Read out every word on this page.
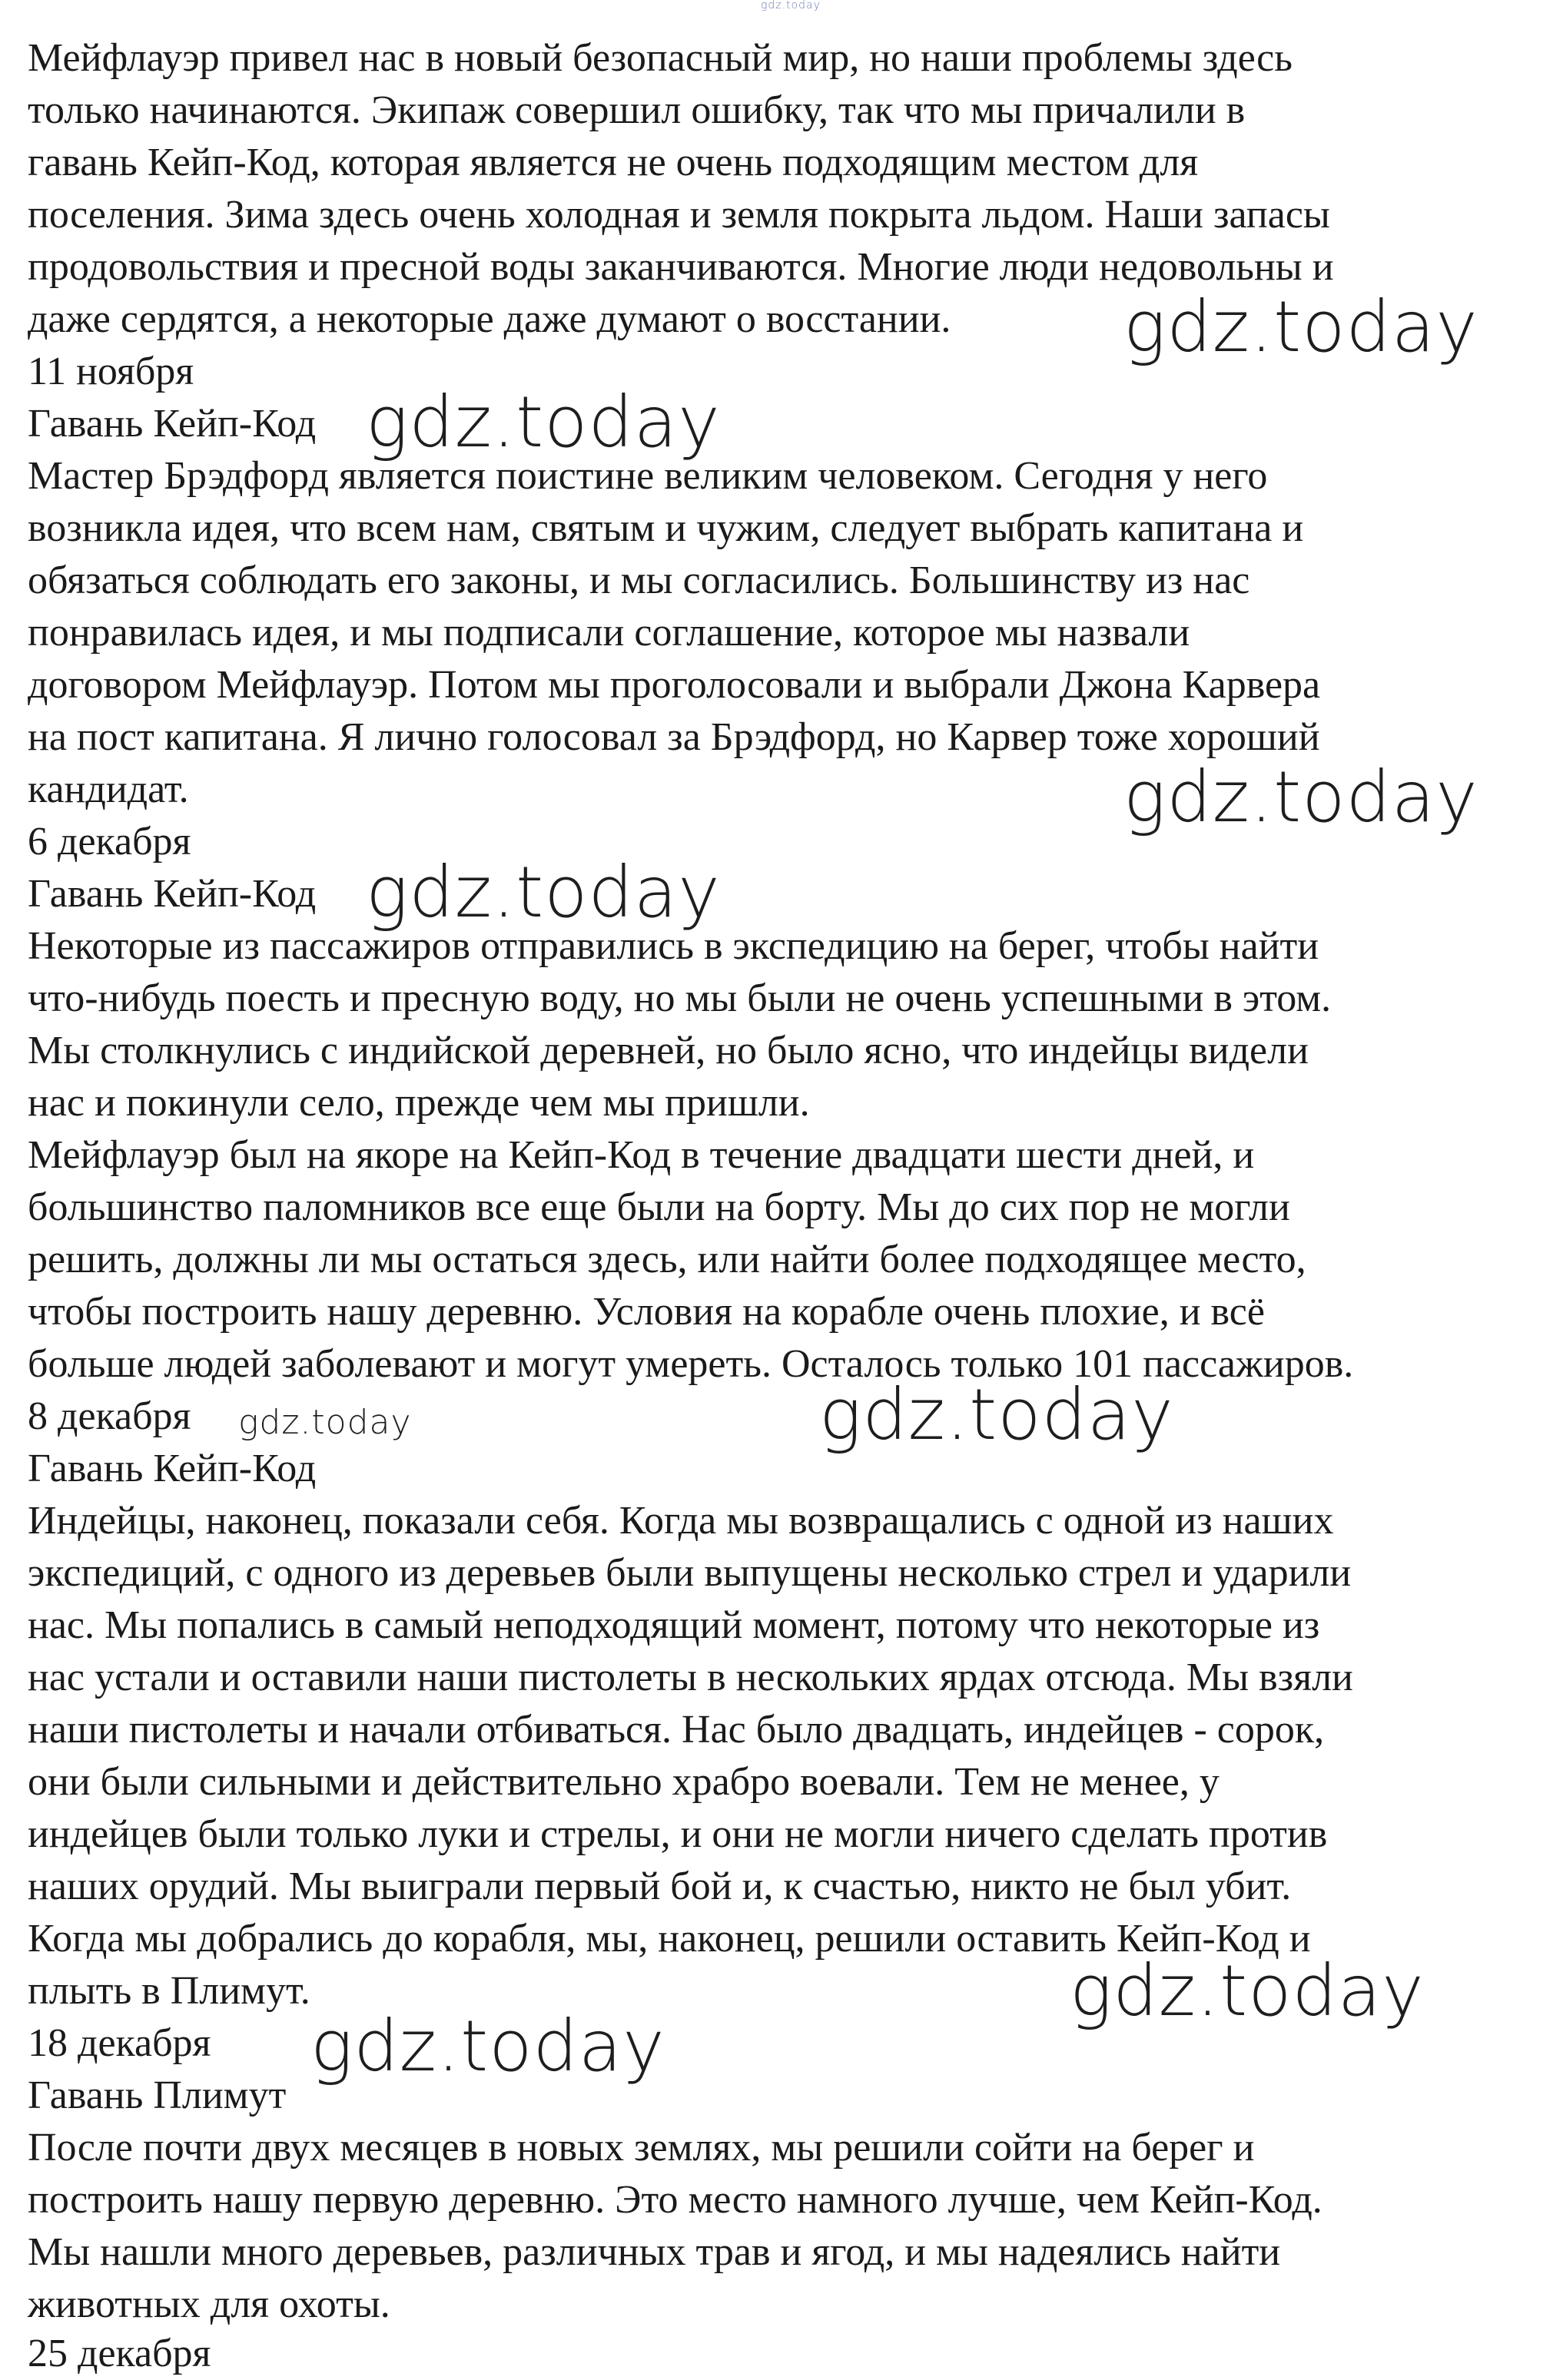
gdz.today
Мейфлауэр привел нас в новый безопасный мир, но наши проблемы здесь
только начинаются. Экипаж совершил ошибку, так что мы причалили в
гавань Кейп-Код, которая является не очень подходящим местом для
поселения. Зима здесь очень холодная и земля покрыта льдом. Наши запасы
продовольствия и пресной воды заканчиваются. Многие люди недовольны и
даже сердятся, а некоторые даже думают о восстании.
11 ноября
Гавань Кейп-Код
Мастер Брэдфорд является поистине великим человеком. Сегодня у него
возникла идея, что всем нам, святым и чужим, следует выбрать капитана и
обязаться соблюдать его законы, и мы согласились. Большинству из нас
понравилась идея, и мы подписали соглашение, которое мы назвали
договором Мейфлауэр. Потом мы проголосовали и выбрали Джона Карвера
на пост капитана. Я лично голосовал за Брэдфорд, но Карвер тоже хороший
кандидат.
6 декабря
Гавань Кейп-Код
Некоторые из пассажиров отправились в экспедицию на берег, чтобы найти
что-нибудь поесть и пресную воду, но мы были не очень успешными в этом.
Мы столкнулись с индийской деревней, но было ясно, что индейцы видели
нас и покинули село, прежде чем мы пришли.
Мейфлауэр был на якоре на Кейп-Код в течение двадцати шести дней, и
большинство паломников все еще были на борту. Мы до сих пор не могли
решить, должны ли мы остаться здесь, или найти более подходящее место,
чтобы построить нашу деревню. Условия на корабле очень плохие, и всё
больше людей заболевают и могут умереть. Осталось только 101 пассажиров.
8 декабря
Гавань Кейп-Код
Индейцы, наконец, показали себя. Когда мы возвращались с одной из наших
экспедиций, с одного из деревьев были выпущены несколько стрел и ударили
нас. Мы попались в самый неподходящий момент, потому что некоторые из
нас устали и оставили наши пистолеты в нескольких ярдах отсюда. Мы взяли
наши пистолеты и начали отбиваться. Нас было двадцать, индейцев - сорок,
они были сильными и действительно храбро воевали. Тем не менее, у
индейцев были только луки и стрелы, и они не могли ничего сделать против
наших орудий. Мы выиграли первый бой и, к счастью, никто не был убит.
Когда мы добрались до корабля, мы, наконец, решили оставить Кейп-Код и
плыть в Плимут.
18 декабря
Гавань Плимут
После почти двух месяцев в новых землях, мы решили сойти на берег и
построить нашу первую деревню. Это место намного лучше, чем Кейп-Код.
Мы нашли много деревьев, различных трав и ягод, и мы надеялись найти
животных для охоты.
25 декабря
gdz.today
gdz.today
gdz.today
gdz.today
gdz.today
gdz.today
gdz.today
gdz.today
